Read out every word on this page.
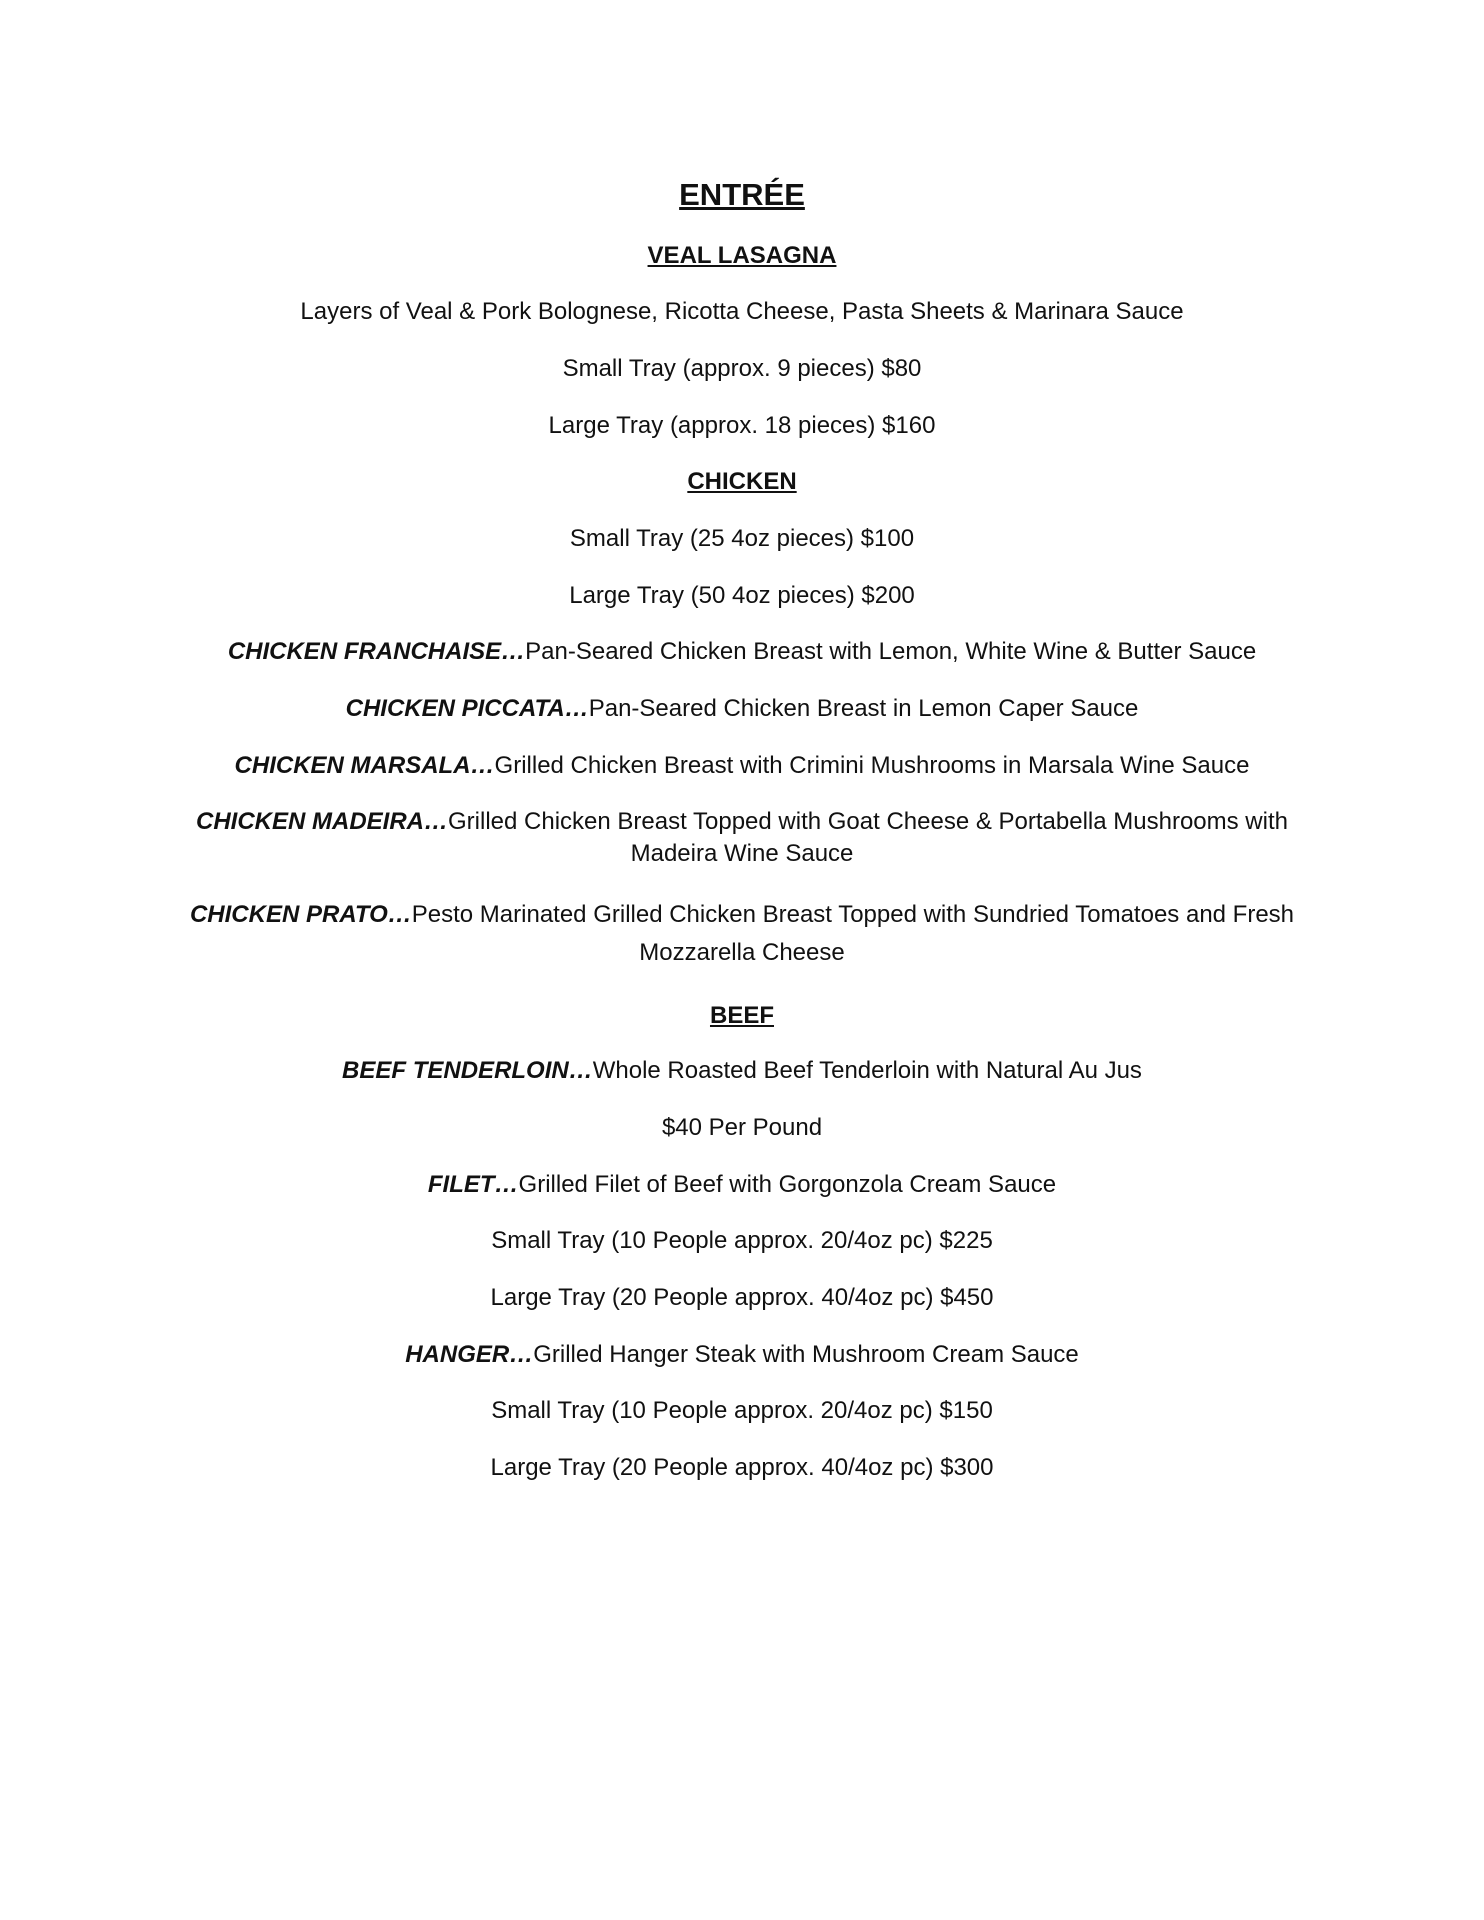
ENTRÉE
VEAL LASAGNA
Layers of Veal & Pork Bolognese, Ricotta Cheese, Pasta Sheets & Marinara Sauce
Small Tray (approx. 9 pieces) $80
Large Tray (approx. 18 pieces) $160
CHICKEN
Small Tray (25 4oz pieces) $100
Large Tray (50 4oz pieces) $200
CHICKEN FRANCHAISE…Pan-Seared Chicken Breast with Lemon, White Wine & Butter Sauce
CHICKEN PICCATA…Pan-Seared Chicken Breast in Lemon Caper Sauce
CHICKEN MARSALA…Grilled Chicken Breast with Crimini Mushrooms in Marsala Wine Sauce
CHICKEN MADEIRA…Grilled Chicken Breast Topped with Goat Cheese & Portabella Mushrooms with Madeira Wine Sauce
CHICKEN PRATO…Pesto Marinated Grilled Chicken Breast Topped with Sundried Tomatoes and Fresh Mozzarella Cheese
BEEF
BEEF TENDERLOIN…Whole Roasted Beef Tenderloin with Natural Au Jus
$40 Per Pound
FILET…Grilled Filet of Beef with Gorgonzola Cream Sauce
Small Tray (10 People approx. 20/4oz pc) $225
Large Tray (20 People approx. 40/4oz pc) $450
HANGER…Grilled Hanger Steak with Mushroom Cream Sauce
Small Tray (10 People approx. 20/4oz pc) $150
Large Tray (20 People approx. 40/4oz pc) $300
